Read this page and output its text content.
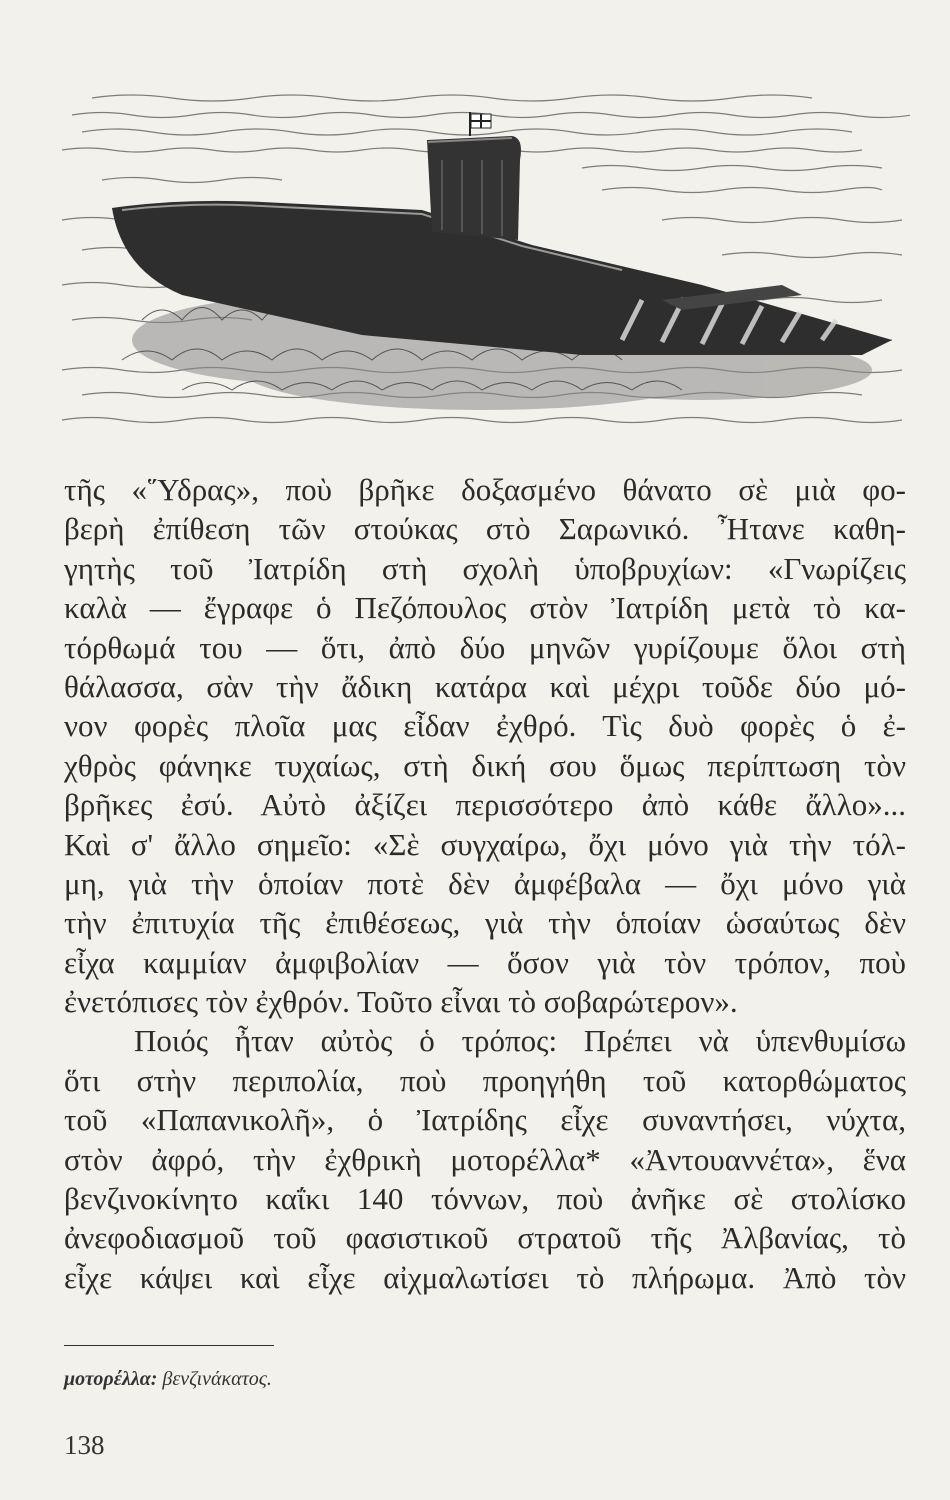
τῆς «῞Υδρας», ποὺ βρῆκε δοξασμένο θάνατο σὲ μιὰ φο-
βερὴ ἐπίθεση τῶν στούκας στὸ Σαρωνικό. Ἦτανε καθη-
γητὴς τοῦ Ἰατρίδη στὴ σχολὴ ὑποβρυχίων: «Γνωρίζεις
καλὰ — ἔγραφε ὁ Πεζόπουλος στὸν Ἰατρίδη μετὰ τὸ κα-
τόρθωμά του — ὅτι, ἀπὸ δύο μηνῶν γυρίζουμε ὅλοι στὴ
θάλασσα, σὰν τὴν ἄδικη κατάρα καὶ μέχρι τοῦδε δύο μό-
νον φορὲς πλοῖα μας εἶδαν ἐχθρό. Τὶς δυὸ φορὲς ὁ ἐ-
χθρὸς φάνηκε τυχαίως, στὴ δική σου ὅμως περίπτωση τὸν
βρῆκες ἐσύ. Αὐτὸ ἀξίζει περισσότερο ἀπὸ κάθε ἄλλο»...
Καὶ σ' ἄλλο σημεῖο: «Σὲ συγχαίρω, ὄχι μόνο γιὰ τὴν τόλ-
μη, γιὰ τὴν ὁποίαν ποτὲ δὲν ἀμφέβαλα — ὄχι μόνο γιὰ
τὴν ἐπιτυχία τῆς ἐπιθέσεως, γιὰ τὴν ὁποίαν ὡσαύτως δὲν
εἶχα καμμίαν ἀμφιβολίαν — ὅσον γιὰ τὸν τρόπον, ποὺ
ἐνετόπισες τὸν ἐχθρόν. Τοῦτο εἶναι τὸ σοβαρώτερον».
Ποιός ἦταν αὐτὸς ὁ τρόπος: Πρέπει νὰ ὑπενθυμίσω
ὅτι στὴν περιπολία, ποὺ προηγήθη τοῦ κατορθώματος
τοῦ «Παπανικολῆ», ὁ Ἰατρίδης εἶχε συναντήσει, νύχτα,
στὸν ἀφρό, τὴν ἐχθρικὴ μοτορέλλα* «Ἀντουαννέτα», ἕνα
βενζινοκίνητο καΐκι 140 τόννων, ποὺ ἀνῆκε σὲ στολίσκο
ἀνεφοδιασμοῦ τοῦ φασιστικοῦ στρατοῦ τῆς Ἀλβανίας, τὸ
εἶχε κάψει καὶ εἶχε αἰχμαλωτίσει τὸ πλήρωμα. Ἀπὸ τὸν
μοτορέλλα: βενζινάκατος.
138
